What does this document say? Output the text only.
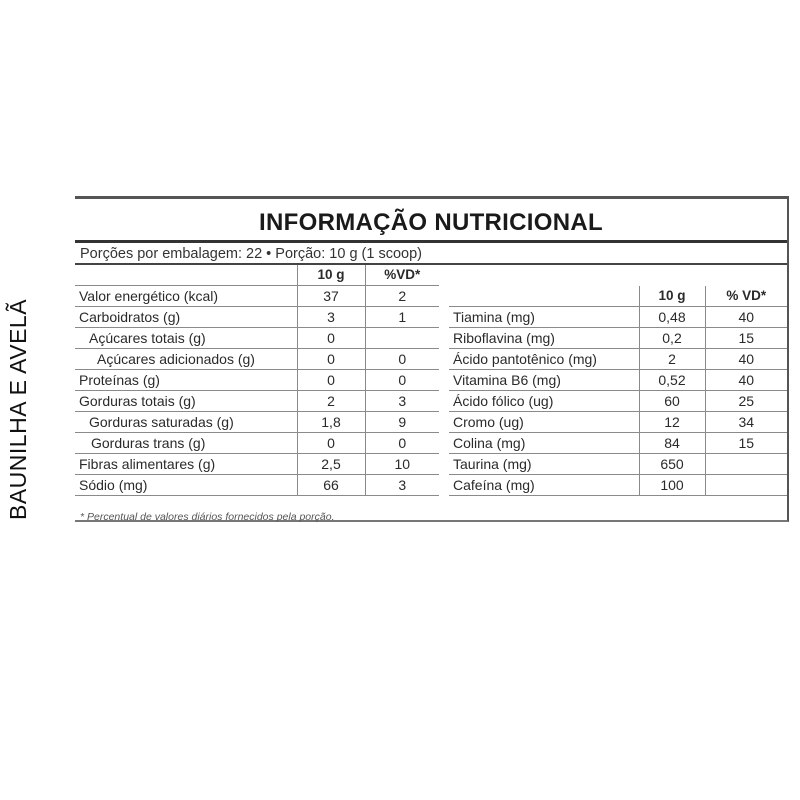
BAUNILHA E AVELÃ
INFORMAÇÃO NUTRICIONAL
Porções por embalagem: 22 • Porção: 10 g (1 scoop)
	10 g	%VD*
Valor energético (kcal)	37	2
Carboidratos (g)	3	1
Açúcares totais (g)	0	
Açúcares adicionados (g)	0	0
Proteínas (g)	0	0
Gorduras totais (g)	2	3
Gorduras saturadas (g)	1,8	9
Gorduras trans (g)	0	0
Fibras alimentares (g)	2,5	10
Sódio (mg)	66	3

	10 g	% VD*
Tiamina (mg)	0,48	40
Riboflavina (mg)	0,2	15
Ácido pantotênico (mg)	2	40
Vitamina B6 (mg)	0,52	40
Ácido fólico (ug)	60	25
Cromo (ug)	12	34
Colina (mg)	84	15
Taurina (mg)	650	
Cafeína (mg)	100	
* Percentual de valores diários fornecidos pela porção.
